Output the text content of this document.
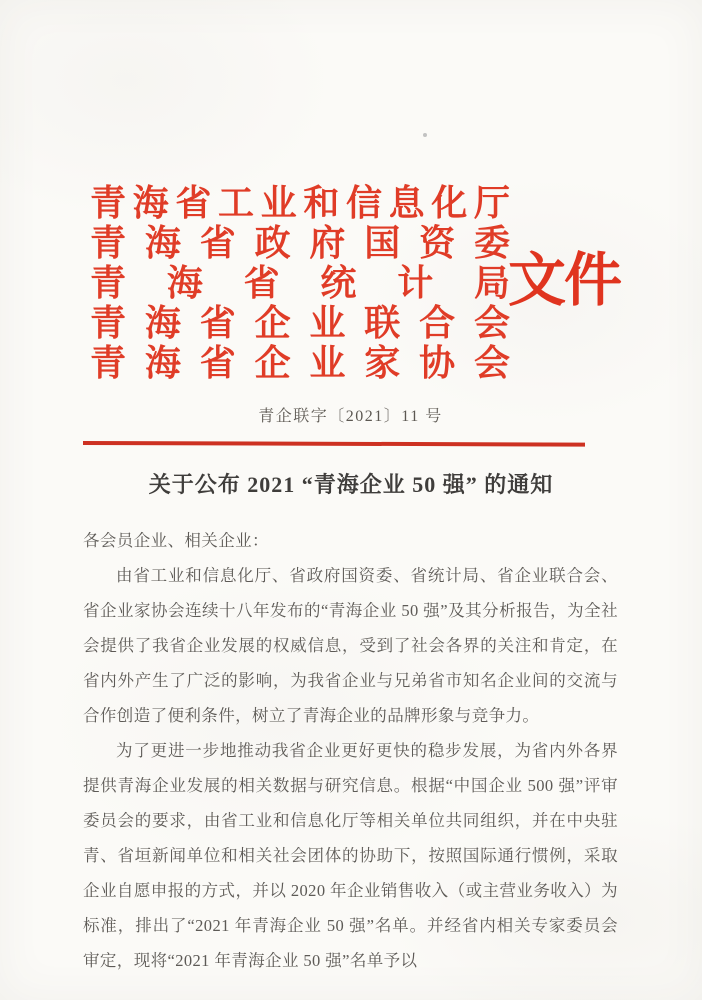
青海省工业和信息化厅
青海省政府国资委
青海省统计局
青海省企业联合会
青海省企业家协会
文件
青企联字〔2021〕11 号
关于公布 2021 “青海企业 50 强” 的通知

各会员企业、相关企业：

由省工业和信息化厅、省政府国资委、省统计局、省企业联合会、省企业家协会连续十八年发布的“青海企业 50 强”及其分析报告，为全社会提供了我省企业发展的权威信息，受到了社会各界的关注和肯定，在省内外产生了广泛的影响，为我省企业与兄弟省市知名企业间的交流与合作创造了便利条件，树立了青海企业的品牌形象与竞争力。

为了更进一步地推动我省企业更好更快的稳步发展，为省内外各界提供青海企业发展的相关数据与研究信息。根据“中国企业 500 强”评审委员会的要求，由省工业和信息化厅等相关单位共同组织，并在中央驻青、省垣新闻单位和相关社会团体的协助下，按照国际通行惯例，采取企业自愿申报的方式，并以 2020 年企业销售收入（或主营业务收入）为标准，排出了“2021 年青海企业 50 强”名单。并经省内相关专家委员会审定，现将“2021 年青海企业 50 强”名单予以
